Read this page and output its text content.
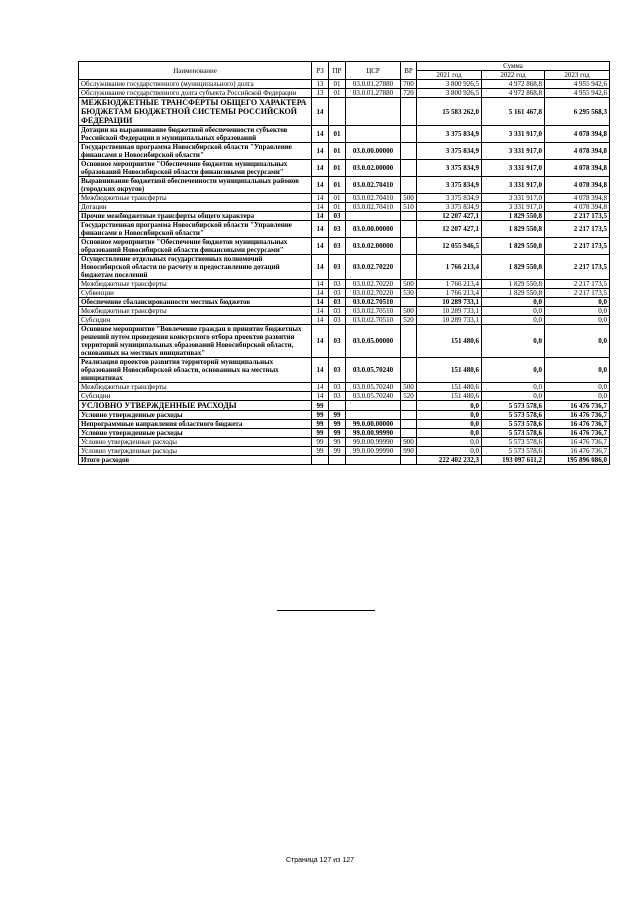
Наименование	РЗ	ПР	ЦСР	ВР	Сумма		
					2021 год	2022 год	2023 год
Обслуживание государственного (муниципального) долга	13	01	03.0.01.27880	700	3 800 926,5	4 972 868,8	4 955 942,6
Обслуживание государственного долга субъекта Российской Федерации	13	01	03.0.01.27880	720	3 800 926,5	4 972 868,8	4 955 942,6
МЕЖБЮДЖЕТНЫЕ ТРАНСФЕРТЫ ОБЩЕГО ХАРАКТЕРА БЮДЖЕТАМ БЮДЖЕТНОЙ СИСТЕМЫ РОССИЙСКОЙ ФЕДЕРАЦИИ	14				15 583 262,0	5 161 467,8	6 295 568,3
Дотации на выравнивание бюджетной обеспеченности субъектов Российской Федерации и муниципальных образований	14	01			3 375 834,9	3 331 917,0	4 078 394,8
Государственная программа Новосибирской области "Управление финансами в Новосибирской области"	14	01	03.0.00.00000		3 375 834,9	3 331 917,0	4 078 394,8
Основное мероприятие "Обеспечение бюджетов муниципальных образований Новосибирской области финансовыми ресурсами"	14	01	03.0.02.00000		3 375 834,9	3 331 917,0	4 078 394,8
Выравнивание бюджетной обеспеченности муниципальных районов (городских округов)	14	01	03.0.02.70410		3 375 834,9	3 331 917,0	4 078 394,8
Межбюджетные трансферты	14	01	03.0.02.70410	500	3 375 834,9	3 331 917,0	4 078 394,8
Дотации	14	01	03.0.02.70410	510	3 375 834,9	3 331 917,0	4 078 394,8
Прочие межбюджетные трансферты общего характера	14	03			12 207 427,1	1 829 550,8	2 217 173,5
Государственная программа Новосибирской области "Управление финансами в Новосибирской области"	14	03	03.0.00.00000		12 207 427,1	1 829 550,8	2 217 173,5
Основное мероприятие "Обеспечение бюджетов муниципальных образований Новосибирской области финансовыми ресурсами"	14	03	03.0.02.00000		12 055 946,5	1 829 550,8	2 217 173,5
Осуществление отдельных государственных полномочий Новосибирской области по расчету и предоставлению дотаций бюджетам поселений	14	03	03.0.02.70220		1 766 213,4	1 829 550,8	2 217 173,5
Межбюджетные трансферты	14	03	03.0.02.70220	500	1 766 213,4	1 829 550,8	2 217 173,5
Субвенции	14	03	03.0.02.70220	530	1 766 213,4	1 829 550,8	2 217 173,5
Обеспечение сбалансированности местных бюджетов	14	03	03.0.02.70510		10 289 733,1	0,0	0,0
Межбюджетные трансферты	14	03	03.0.02.70510	500	10 289 733,1	0,0	0,0
Субсидии	14	03	03.0.02.70510	520	10 289 733,1	0,0	0,0
Основное мероприятие "Вовлечение граждан в принятие бюджетных решений путем проведения конкурсного отбора проектов развития территорий муниципальных образований Новосибирской области, основанных на местных инициативах"	14	03	03.0.05.00000		151 480,6	0,0	0,0
Реализация проектов развития территорий муниципальных образований Новосибирской области, основанных на местных инициативах	14	03	03.0.05.70240		151 480,6	0,0	0,0
Межбюджетные трансферты	14	03	03.0.05.70240	500	151 480,6	0,0	0,0
Субсидии	14	03	03.0.05.70240	520	151 480,6	0,0	0,0
УСЛОВНО УТВЕРЖДЕННЫЕ РАСХОДЫ	99				0,0	5 573 578,6	16 476 736,7
Условно утвержденные расходы	99	99			0,0	5 573 578,6	16 476 736,7
Непрограммные направления областного бюджета	99	99	99.0.00.00000		0,0	5 573 578,6	16 476 736,7
Условно утвержденные расходы	99	99	99.0.00.99990		0,0	5 573 578,6	16 476 736,7
Условно утвержденные расходы	99	99	99.0.00.99990	900	0,0	5 573 578,6	16 476 736,7
Условно утвержденные расходы	99	99	99.0.00.99990	990	0,0	5 573 578,6	16 476 736,7
Итого расходов					222 402 232,3	193 097 611,2	195 896 086,0
Страница 127 из 127
